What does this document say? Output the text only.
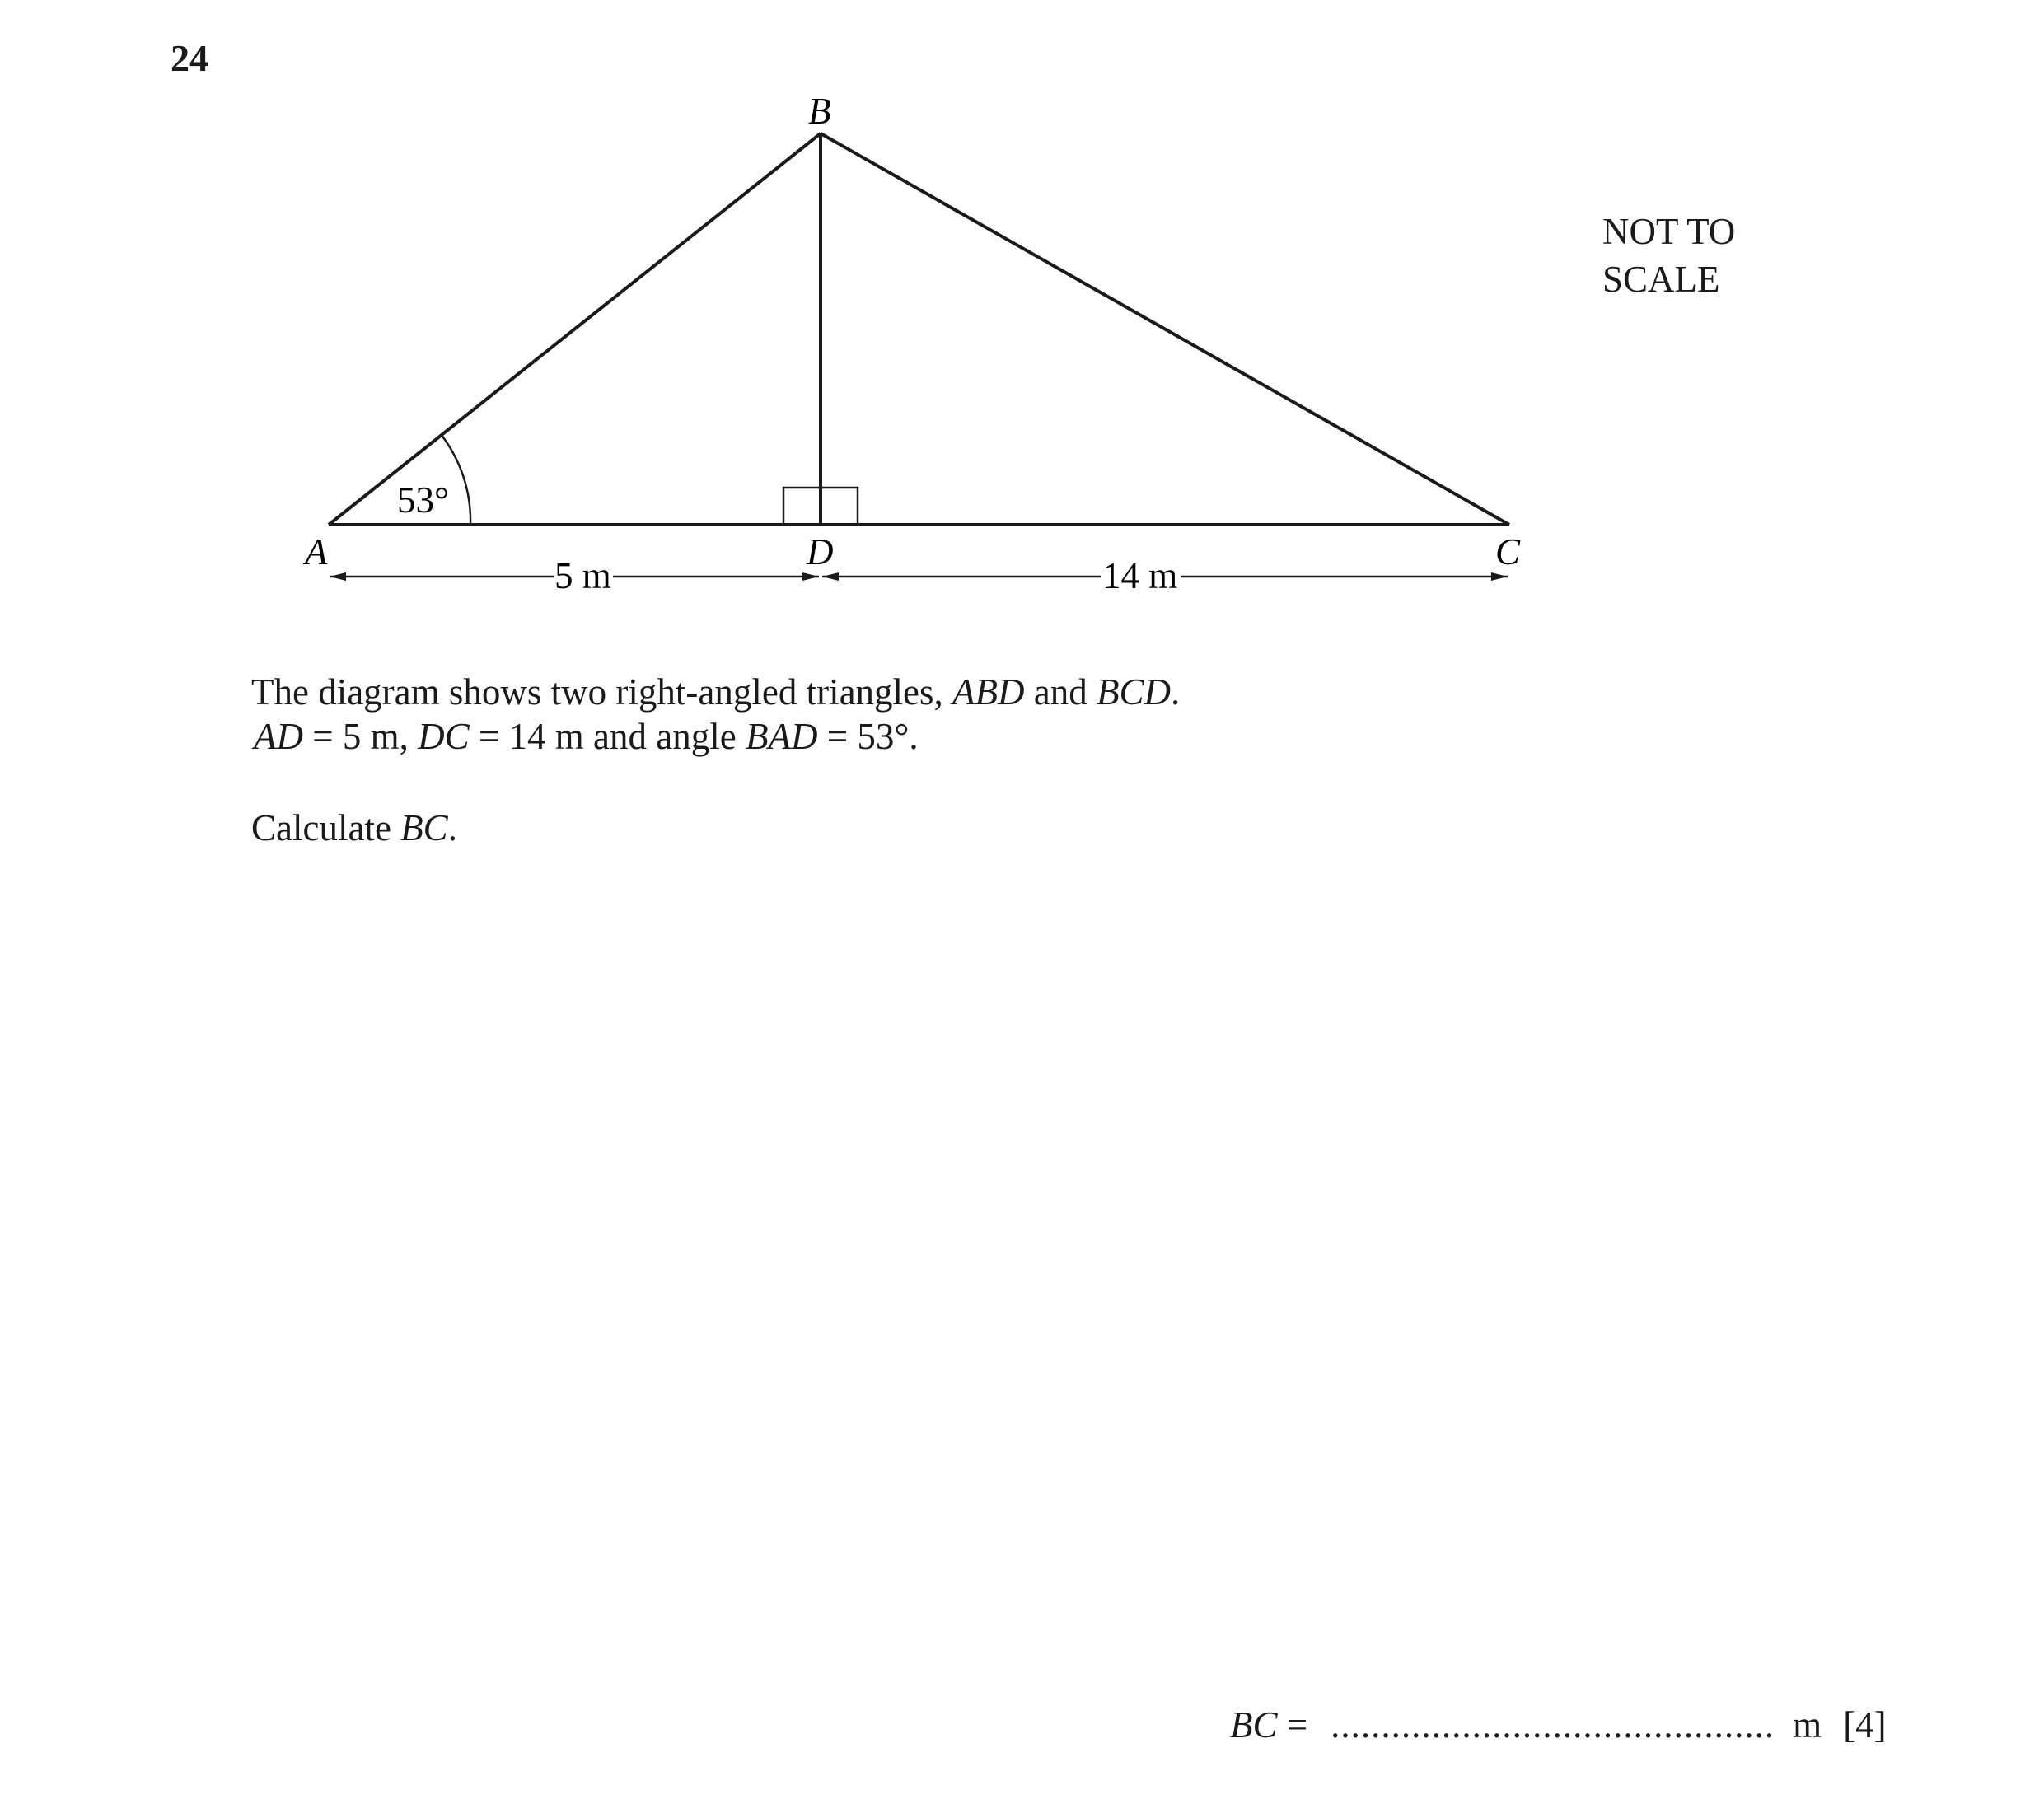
24
53°
A
B
C
D
5 m	14 m
NOT TO
SCALE
The diagram shows two right-angled triangles, ABD and BCD.
AD = 5 m, DC = 14 m and angle BAD = 53°.
Calculate BC.
BC = ............................................ m [4]
